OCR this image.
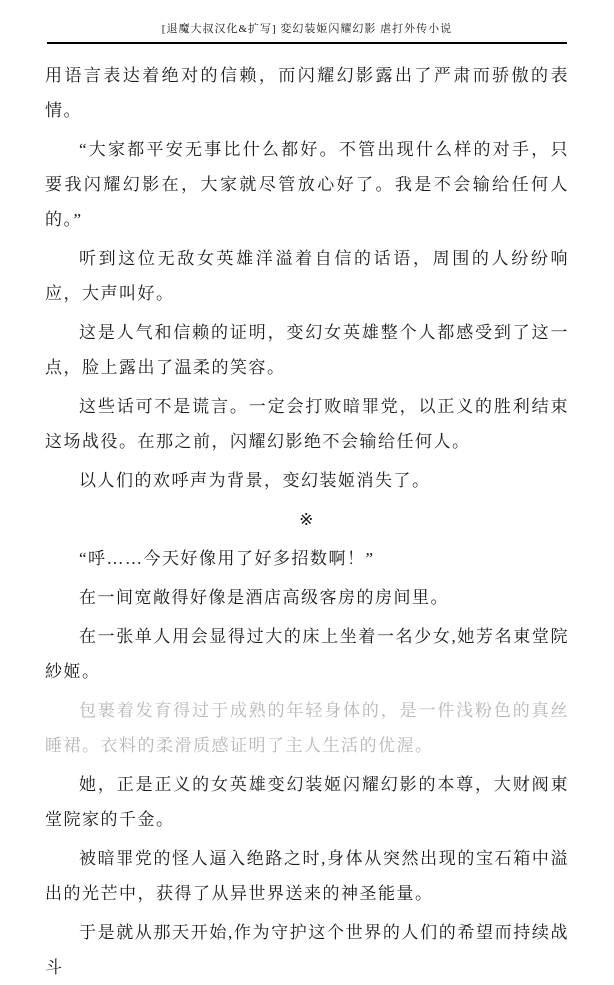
[退魔大叔汉化&扩写] 変幻装姬闪耀幻影 虐打外传小说

用语言表达着绝对的信赖，而闪耀幻影露出了严肃而骄傲的表情。

“大家都平安无事比什么都好。不管出现什么样的对手，只要我闪耀幻影在，大家就尽管放心好了。我是不会输给任何人的。”

听到这位无敌女英雄洋溢着自信的话语，周围的人纷纷响应，大声叫好。

这是人气和信赖的证明，变幻女英雄整个人都感受到了这一点，脸上露出了温柔的笑容。

这些话可不是谎言。一定会打败暗罪党，以正义的胜利结束这场战役。在那之前，闪耀幻影绝不会输给任何人。

以人们的欢呼声为背景，变幻装姬消失了。

※

“呼……今天好像用了好多招数啊！”

在一间宽敞得好像是酒店高级客房的房间里。

在一张单人用会显得过大的床上坐着一名少女,她芳名東堂院紗姬。

包裹着发育得过于成熟的年轻身体的，是一件浅粉色的真丝睡裙。衣料的柔滑质感证明了主人生活的优渥。

她，正是正义的女英雄变幻装姬闪耀幻影的本尊，大财阀東堂院家的千金。

被暗罪党的怪人逼入绝路之时,身体从突然出现的宝石箱中溢出的光芒中，获得了从异世界送来的神圣能量。

于是就从那天开始,作为守护这个世界的人们的希望而持续战斗
